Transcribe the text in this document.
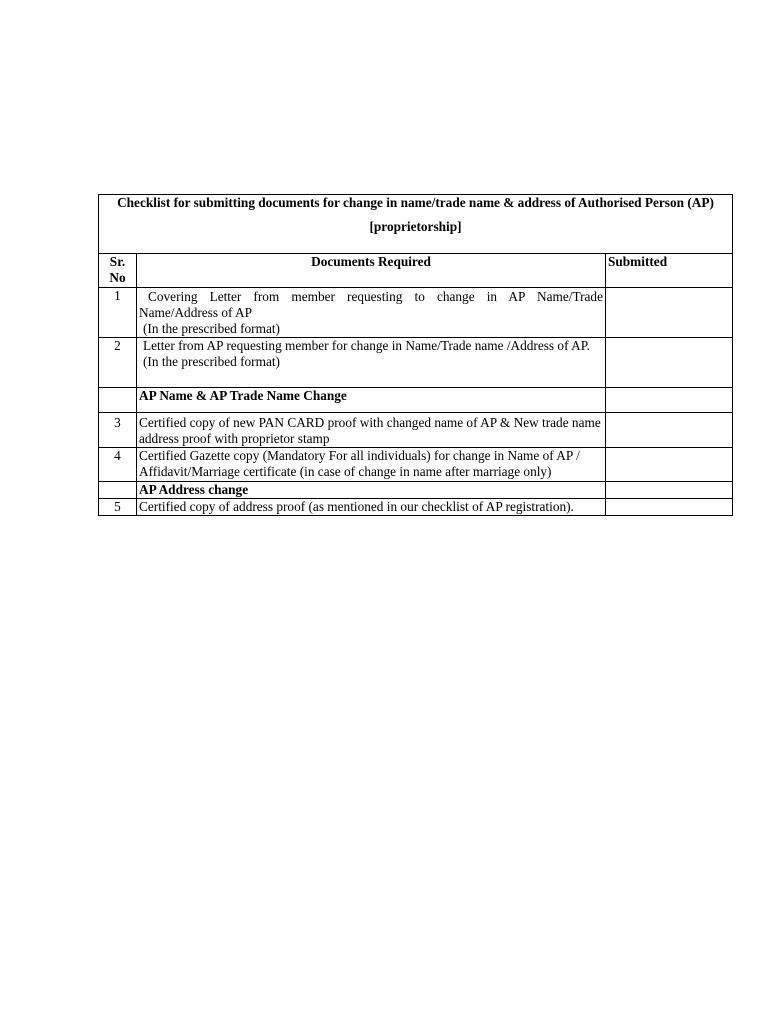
Checklist for submitting documents for change in name/trade name & address of Authorised Person (AP)
[proprietorship]		

Sr. No	Documents Required	Submitted
1	Covering Letter from member requesting to change in AP Name/Trade Name/Address of AP
(In the prescribed format)	

2	Letter from AP requesting member for change in Name/Trade name /Address of AP.
(In the prescribed format)	

	AP Name & AP Trade Name Change	
3	Certified copy of new PAN CARD proof with changed name of AP & New trade name address proof with proprietor stamp	

4	Certified Gazette copy (Mandatory For all individuals) for change in Name of AP / Affidavit/Marriage certificate (in case of change in name after marriage only)	

	AP Address change	
5	Certified copy of address proof (as mentioned in our checklist of AP registration).	
